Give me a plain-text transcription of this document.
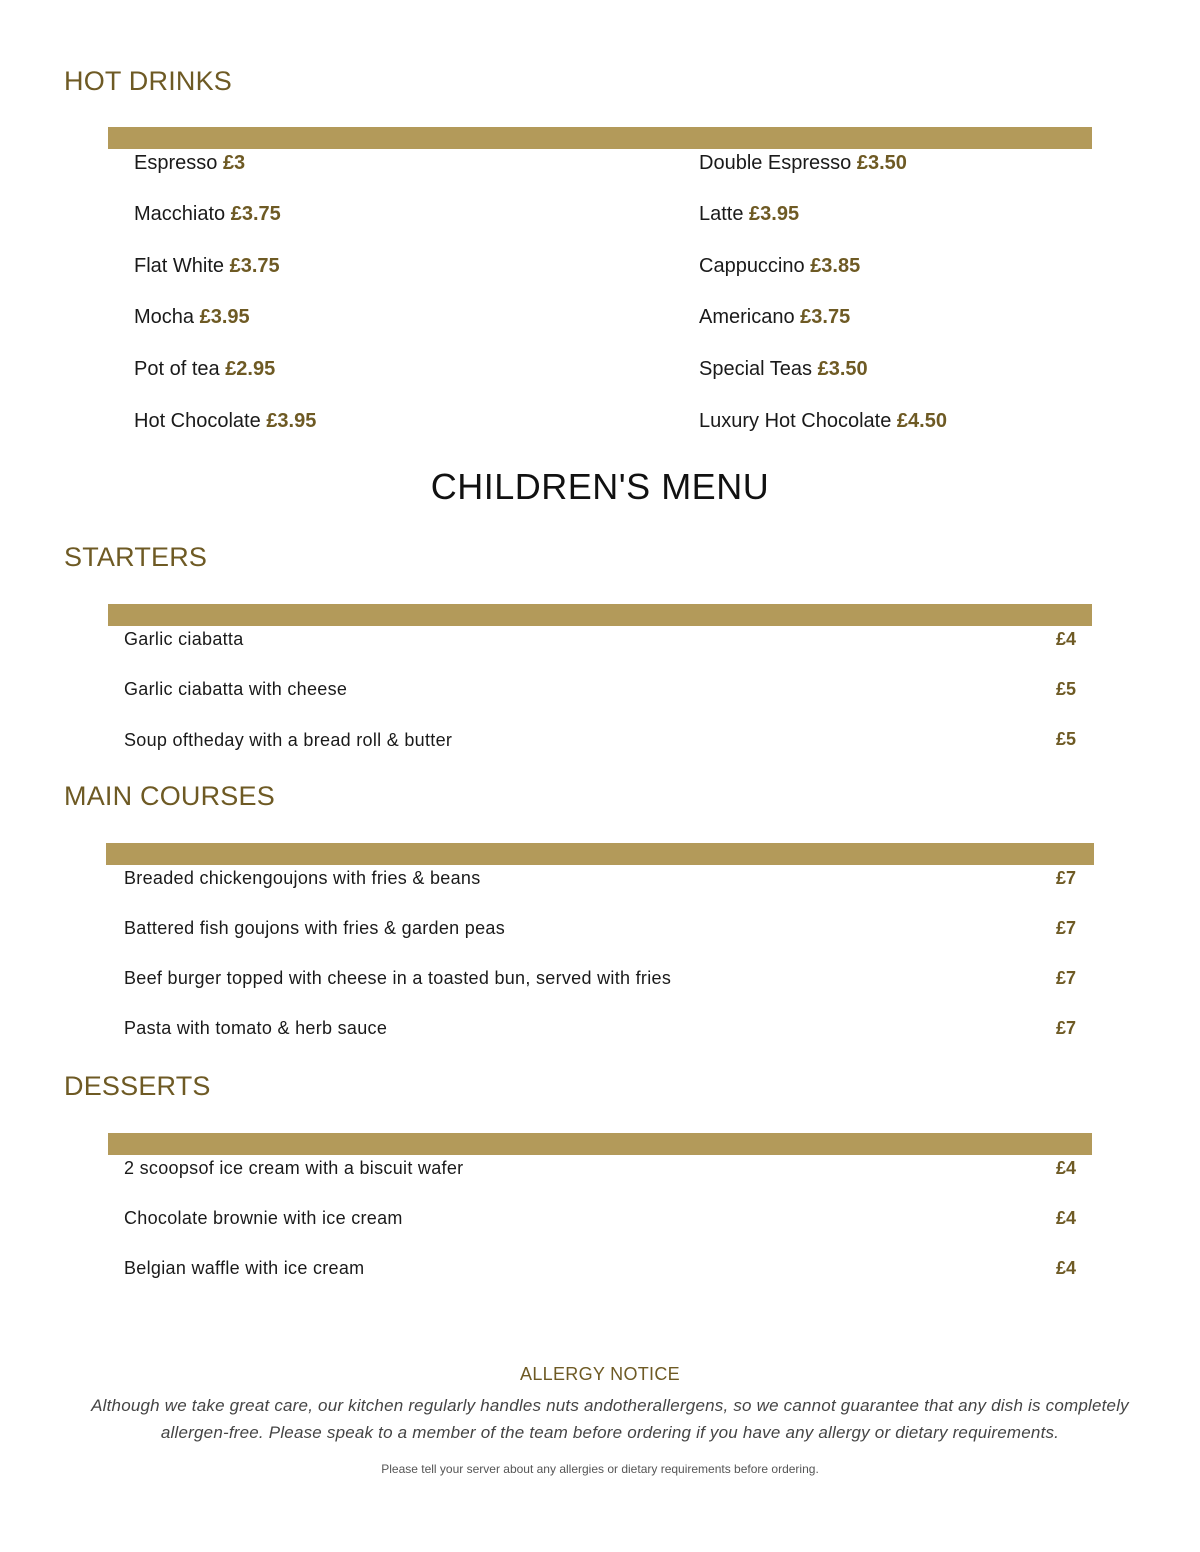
HOT DRINKS
Espresso £3	Double Espresso £3.50
Macchiato £3.75	Latte £3.95
Flat White £3.75	Cappuccino £3.85
Mocha £3.95	Americano £3.75
Pot of tea £2.95	Special Teas £3.50
Hot Chocolate £3.95	Luxury Hot Chocolate £4.50
CHILDREN'S MENU
STARTERS
Garlic ciabatta	£4
Garlic ciabatta with cheese	£5
Soup oftheday with a bread roll & butter	£5
MAIN COURSES
Breaded chickengoujons with fries & beans	£7
Battered fish goujons with fries & garden peas	£7
Beef burger topped with cheese in a toasted bun, served with fries	£7
Pasta with tomato & herb sauce	£7
DESSERTS
2 scoopsof ice cream with a biscuit wafer	£4
Chocolate brownie with ice cream	£4
Belgian waffle with ice cream	£4
ALLERGY NOTICE
Although we take great care, our kitchen regularly handles nuts andotherallergens, so we cannot guarantee that any dish is completely allergen-free. Please speak to a member of the team before ordering if you have any allergy or dietary requirements.
Please tell your server about any allergies or dietary requirements before ordering.
